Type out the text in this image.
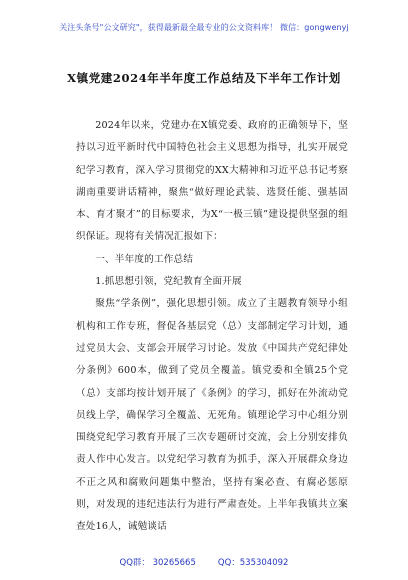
关注头条号"公文研究"，获得最新最全最专业的公文资料库！ 微信：gongwenyj
X镇党建2024年半年度工作总结及下半年工作计划

2024年以来，党建办在X镇党委、政府的正确领导下，坚持以习近平新时代中国特色社会主义思想为指导，扎实开展党纪学习教育，深入学习贯彻党的XX大精神和习近平总书记考察湖南重要讲话精神，聚焦“做好理论武装、选贤任能、强基固本、育才聚才”的目标要求，为X“一极三镇”建设提供坚强的组织保证。现将有关情况汇报如下：

一、半年度的工作总结

1.抓思想引领，党纪教育全面开展

聚焦“学条例”，强化思想引领。成立了主题教育领导小组机构和工作专班，督促各基层党（总）支部制定学习计划，通过党员大会、支部会开展学习讨论。发放《中国共产党纪律处分条例》600本，做到了党员全覆盖。镇党委和全镇25个党（总）支部均按计划开展了《条例》的学习，抓好在外流动党员线上学，确保学习全覆盖、无死角。镇理论学习中心组分别围绕党纪学习教育开展了三次专题研讨交流，会上分别安排负责人作中心发言。以党纪学习教育为抓手，深入开展群众身边不正之风和腐败问题集中整治，坚持有案必查、有腐必惩原则，对发现的违纪违法行为进行严肃查处。上半年我镇共立案查处16人，诫勉谈话

QQ群： 30265665	QQ：535304092
